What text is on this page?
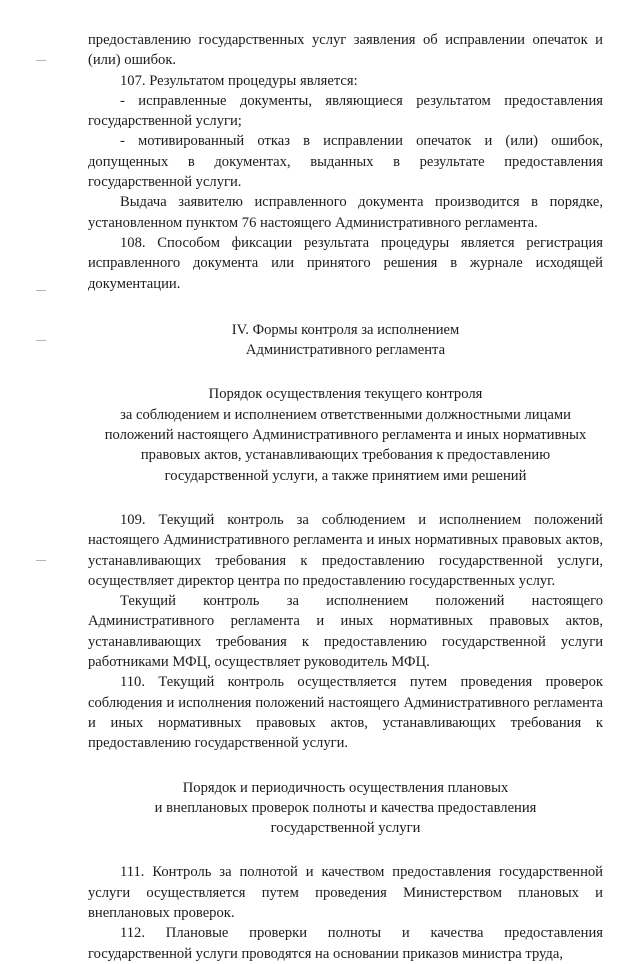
предоставлению государственных услуг заявления об исправлении опечаток и (или) ошибок.

107. Результатом процедуры является:

- исправленные документы, являющиеся результатом предоставления государственной услуги;

- мотивированный отказ в исправлении опечаток и (или) ошибок, допущенных в документах, выданных в результате предоставления государственной услуги.

Выдача заявителю исправленного документа производится в порядке, установленном пунктом 76 настоящего Административного регламента.

108. Способом фиксации результата процедуры является регистрация исправленного документа или принятого решения в журнале исходящей документации.

IV. Формы контроля за исполнением

Административного регламента

Порядок осуществления текущего контроля

за соблюдением и исполнением ответственными должностными лицами

положений настоящего Административного регламента и иных нормативных

правовых актов, устанавливающих требования к предоставлению

государственной услуги, а также принятием ими решений

109. Текущий контроль за соблюдением и исполнением положений настоящего Административного регламента и иных нормативных правовых актов, устанавливающих требования к предоставлению государственной услуги, осуществляет директор центра по предоставлению государственных услуг.

Текущий контроль за исполнением положений настоящего Административного регламента и иных нормативных правовых актов, устанавливающих требования к предоставлению государственной услуги работниками МФЦ, осуществляет руководитель МФЦ.

110. Текущий контроль осуществляется путем проведения проверок соблюдения и исполнения положений настоящего Административного регламента и иных нормативных правовых актов, устанавливающих требования к предоставлению государственной услуги.

Порядок и периодичность осуществления плановых

и внеплановых проверок полноты и качества предоставления

государственной услуги

111. Контроль за полнотой и качеством предоставления государственной услуги осуществляется путем проведения Министерством плановых и внеплановых проверок.

112. Плановые проверки полноты и качества предоставления государственной услуги проводятся на основании приказов министра труда,
